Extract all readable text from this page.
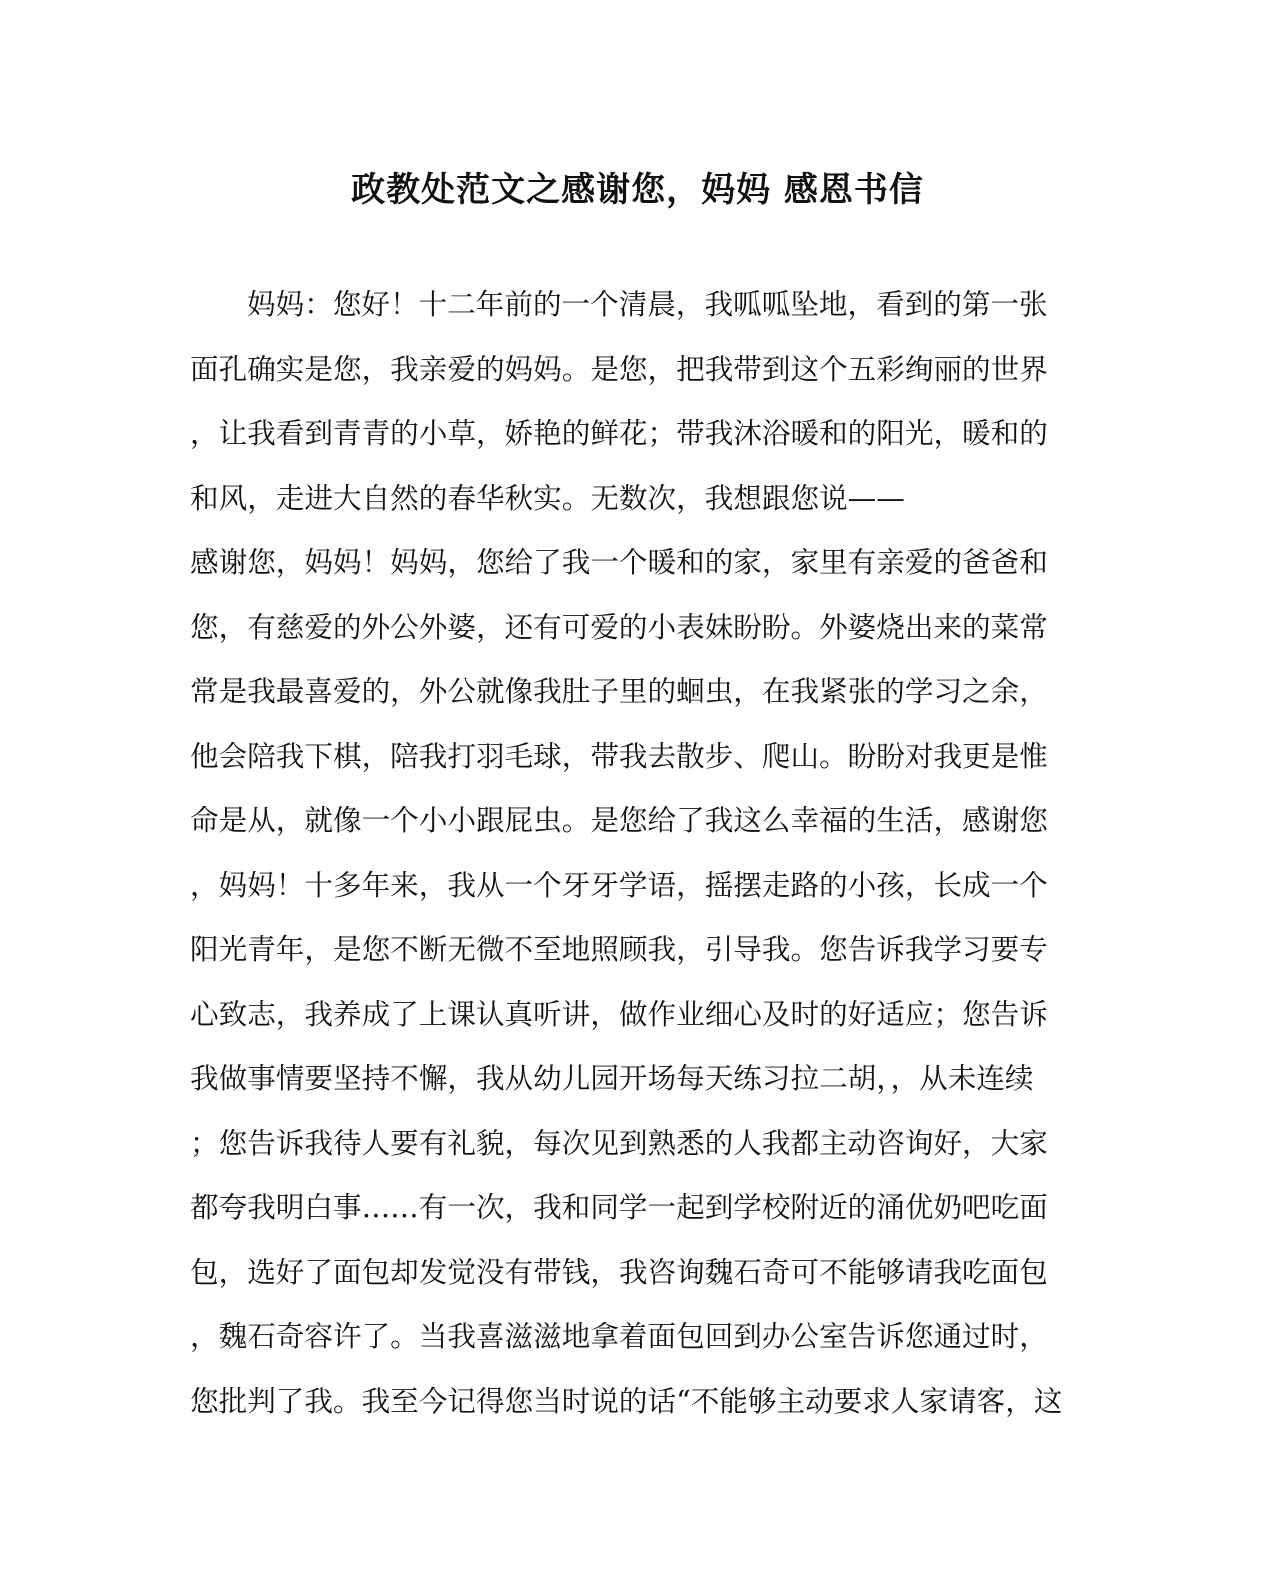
政教处范文之感谢您，妈妈 感恩书信
妈妈：您好！十二年前的一个清晨，我呱呱坠地，看到的第一张
面孔确实是您，我亲爱的妈妈。是您，把我带到这个五彩绚丽的世界
，让我看到青青的小草，娇艳的鲜花；带我沐浴暖和的阳光，暖和的
和风，走进大自然的春华秋实。无数次，我想跟您说——
感谢您，妈妈！妈妈，您给了我一个暖和的家，家里有亲爱的爸爸和
您，有慈爱的外公外婆，还有可爱的小表妹盼盼。外婆烧出来的菜常
常是我最喜爱的，外公就像我肚子里的蛔虫，在我紧张的学习之余，
他会陪我下棋，陪我打羽毛球，带我去散步、爬山。盼盼对我更是惟
命是从，就像一个小小跟屁虫。是您给了我这么幸福的生活，感谢您
，妈妈！十多年来，我从一个牙牙学语，摇摆走路的小孩，长成一个
阳光青年，是您不断无微不至地照顾我，引导我。您告诉我学习要专
心致志，我养成了上课认真听讲，做作业细心及时的好适应；您告诉
我做事情要坚持不懈，我从幼儿园开场每天练习拉二胡，，从未连续
；您告诉我待人要有礼貌，每次见到熟悉的人我都主动咨询好，大家
都夸我明白事……有一次，我和同学一起到学校附近的涌优奶吧吃面
包，选好了面包却发觉没有带钱，我咨询魏石奇可不能够请我吃面包
，魏石奇容许了。当我喜滋滋地拿着面包回到办公室告诉您通过时，
您批判了我。我至今记得您当时说的话“不能够主动要求人家请客，这
